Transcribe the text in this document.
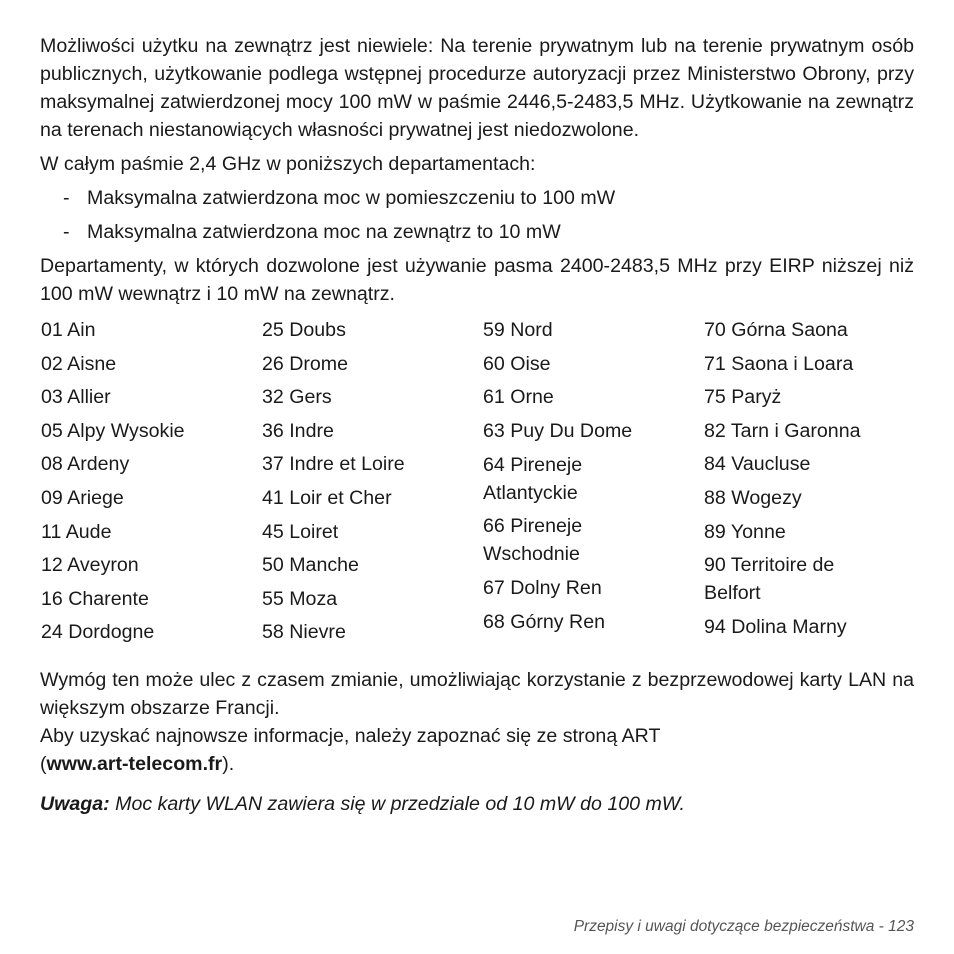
Możliwości użytku na zewnątrz jest niewiele: Na terenie prywatnym lub na terenie prywatnym osób publicznych, użytkowanie podlega wstępnej procedurze autoryzacji przez Ministerstwo Obrony, przy maksymalnej zatwierdzonej mocy 100 mW w paśmie 2446,5-2483,5 MHz. Użytkowanie na zewnątrz na terenach niestanowiących własności prywatnej jest niedozwolone.

W całym paśmie 2,4 GHz w poniższych departamentach:

- Maksymalna zatwierdzona moc w pomieszczeniu to 100 mW
- Maksymalna zatwierdzona moc na zewnątrz to 10 mW

Departamenty, w których dozwolone jest używanie pasma 2400-2483,5 MHz przy EIRP niższej niż 100 mW wewnątrz i 10 mW na zewnątrz.

01 Ain
02 Aisne
03 Allier
05 Alpy Wysokie
08 Ardeny
09 Ariege
11 Aude
12 Aveyron
16 Charente
24 Dordogne
25 Doubs
26 Drome
32 Gers
36 Indre
37 Indre et Loire
41 Loir et Cher
45 Loiret
50 Manche
55 Moza
58 Nievre
59 Nord
60 Oise
61 Orne
63 Puy Du Dome
64 Pireneje Atlantyckie
66 Pireneje Wschodnie
67 Dolny Ren
68 Górny Ren
70 Górna Saona
71 Saona i Loara
75 Paryż
82 Tarn i Garonna
84 Vaucluse
88 Wogezy
89 Yonne
90 Territoire de Belfort
94 Dolina Marny

Wymóg ten może ulec z czasem zmianie, umożliwiając korzystanie z bezprzewodowej karty LAN na większym obszarze Francji.

Aby uzyskać najnowsze informacje, należy zapoznać się ze stroną ART
(www.art-telecom.fr).

Uwaga: Moc karty WLAN zawiera się w przedziale od 10 mW do 100 mW.

Przepisy i uwagi dotyczące bezpieczeństwa - 123
